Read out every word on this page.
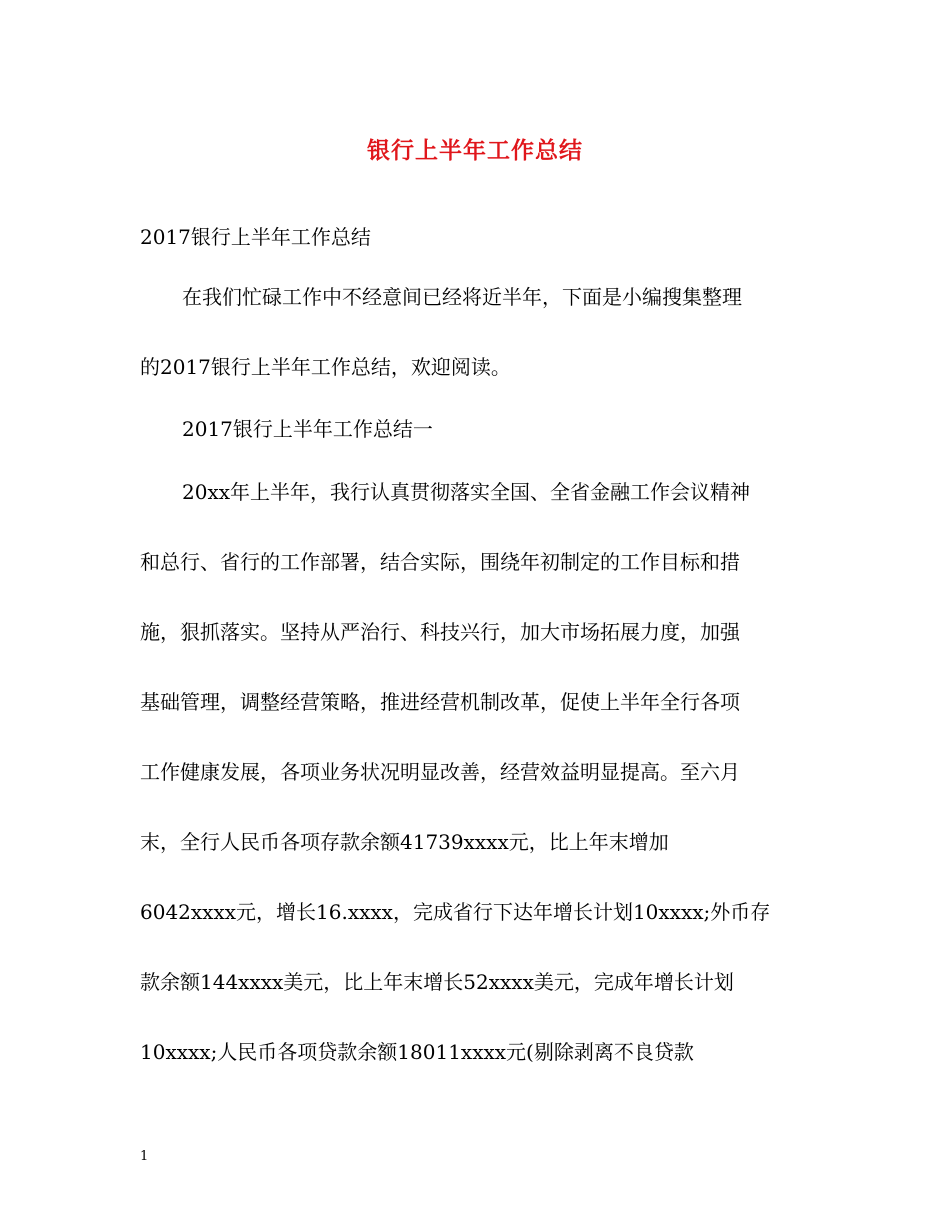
银行上半年工作总结
2017银行上半年工作总结
在我们忙碌工作中不经意间已经将近半年，下面是小编搜集整理
的2017银行上半年工作总结，欢迎阅读。
2017银行上半年工作总结一
20xx年上半年，我行认真贯彻落实全国、全省金融工作会议精神
和总行、省行的工作部署，结合实际，围绕年初制定的工作目标和措
施，狠抓落实。坚持从严治行、科技兴行，加大市场拓展力度，加强
基础管理，调整经营策略，推进经营机制改革，促使上半年全行各项
工作健康发展，各项业务状况明显改善，经营效益明显提高。至六月
末，全行人民币各项存款余额41739xxxx元，比上年末增加
6042xxxx元，增长16.xxxx，完成省行下达年增长计划10xxxx;外币存
款余额144xxxx美元，比上年末增长52xxxx美元，完成年增长计划
10xxxx;人民币各项贷款余额18011xxxx元(剔除剥离不良贷款
1
